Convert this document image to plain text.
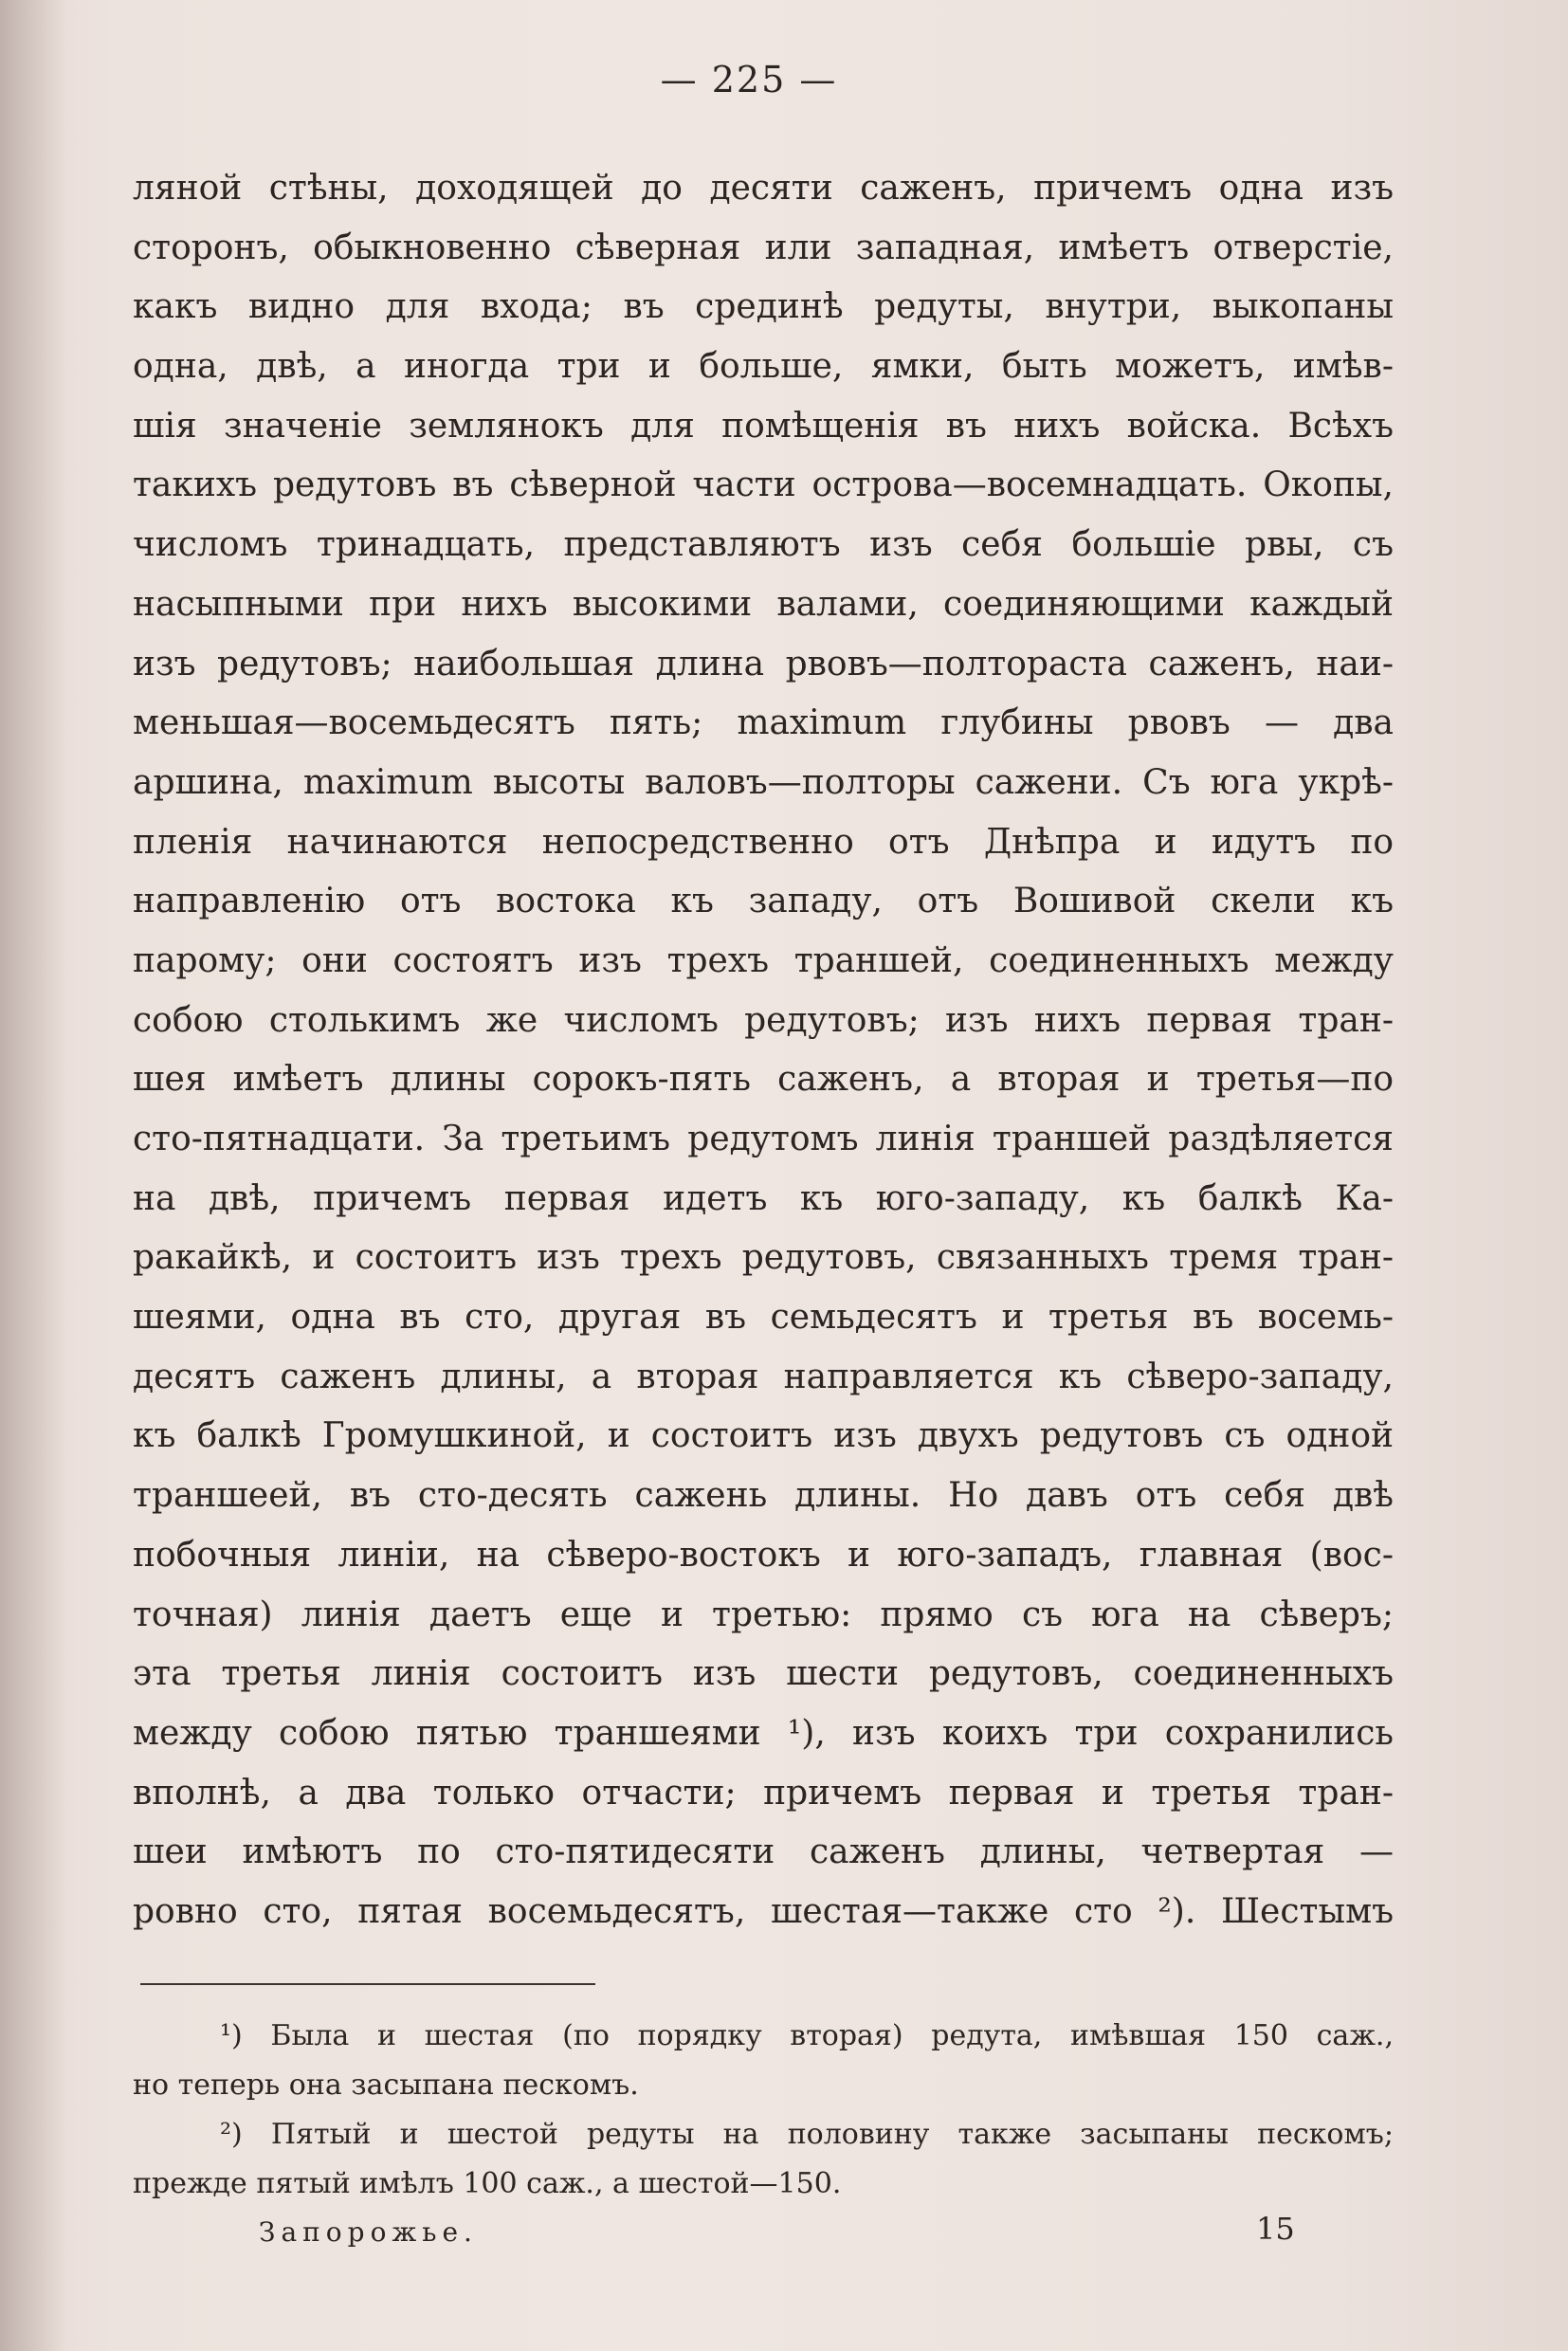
— 225 —
ляной стѣны, доходящей до десяти саженъ, причемъ одна изъ
сторонъ, обыкновенно сѣверная или западная, имѣетъ отверстіе,
какъ видно для входа; въ срединѣ редуты, внутри, выкопаны
одна, двѣ, а иногда три и больше, ямки, быть можетъ, имѣв-
шія значеніе землянокъ для помѣщенія въ нихъ войска. Всѣхъ
такихъ редутовъ въ сѣверной части острова—восемнадцать. Окопы,
числомъ тринадцать, представляютъ изъ себя большіе рвы, съ
насыпными при нихъ высокими валами, соединяющими каждый
изъ редутовъ; наибольшая длина рвовъ—полтораста саженъ, наи-
меньшая—восемьдесятъ пять; maximum глубины рвовъ — два
аршина, maximum высоты валовъ—полторы сажени. Съ юга укрѣ-
пленія начинаются непосредственно отъ Днѣпра и идутъ по
направленію отъ востока къ западу, отъ Вошивой скели къ
парому; они состоятъ изъ трехъ траншей, соединенныхъ между
собою столькимъ же числомъ редутовъ; изъ нихъ первая тран-
шея имѣетъ длины сорокъ-пять саженъ, а вторая и третья—по
сто-пятнадцати. За третьимъ редутомъ линія траншей раздѣляется
на двѣ, причемъ первая идетъ къ юго-западу, къ балкѣ Ка-
ракайкѣ, и состоитъ изъ трехъ редутовъ, связанныхъ тремя тран-
шеями, одна въ сто, другая въ семьдесятъ и третья въ восемь-
десятъ саженъ длины, а вторая направляется къ сѣверо-западу,
къ балкѣ Громушкиной, и состоитъ изъ двухъ редутовъ съ одной
траншеей, въ сто-десять сажень длины. Но давъ отъ себя двѣ
побочныя линіи, на сѣверо-востокъ и юго-западъ, главная (вос-
точная) линія даетъ еще и третью: прямо съ юга на сѣверъ;
эта третья линія состоитъ изъ шести редутовъ, соединенныхъ
между собою пятью траншеями ¹), изъ коихъ три сохранились
вполнѣ, а два только отчасти; причемъ первая и третья тран-
шеи имѣютъ по сто-пятидесяти саженъ длины, четвертая —
ровно сто, пятая восемьдесятъ, шестая—также сто ²). Шестымъ
¹) Была и шестая (по порядку вторая) редута, имѣвшая 150 саж.,
но теперь она засыпана пескомъ.
²) Пятый и шестой редуты на половину также засыпаны пескомъ;
прежде пятый имѣлъ 100 саж., а шестой—150.
Запорожье.	15
